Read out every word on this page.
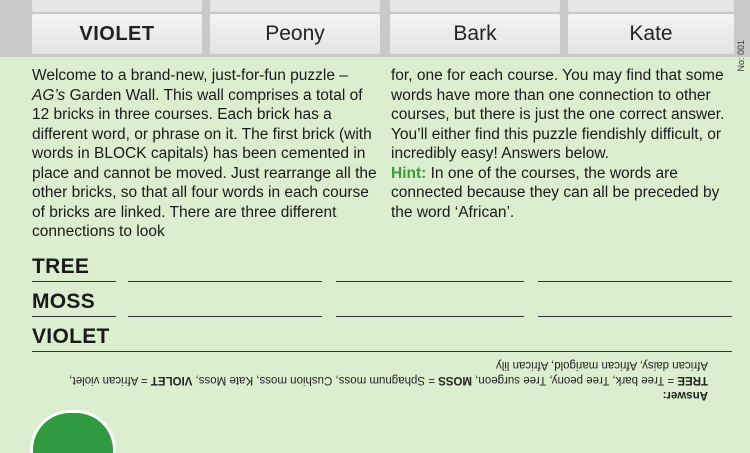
VIOLET	Peony	Bark	Kate
No: 001

Welcome to a brand-new, just-for-fun puzzle – AG’s Garden Wall. This wall comprises a total of 12 bricks in three courses. Each brick has a different word, or phrase on it. The first brick (with words in BLOCK capitals) has been cemented in place and cannot be moved. Just rearrange all the other bricks, so that all four words in each course of bricks are linked. There are three different connections to look

for, one for each course. You may find that some words have more than one connection to other courses, but there is just the one correct answer. You’ll either find this puzzle fiendishly difficult, or incredibly easy! Answers below.

Hint: In one of the courses, the words are connected because they can all be preceded by the word ‘African’.

TREE
MOSS
VIOLET

Answer:

TREE = Tree bark, Tree peony, Tree surgeon, MOSS = Sphagnum moss, Cushion moss, Kate Moss, VIOLET = African violet,

African daisy, African marigold, African lily
